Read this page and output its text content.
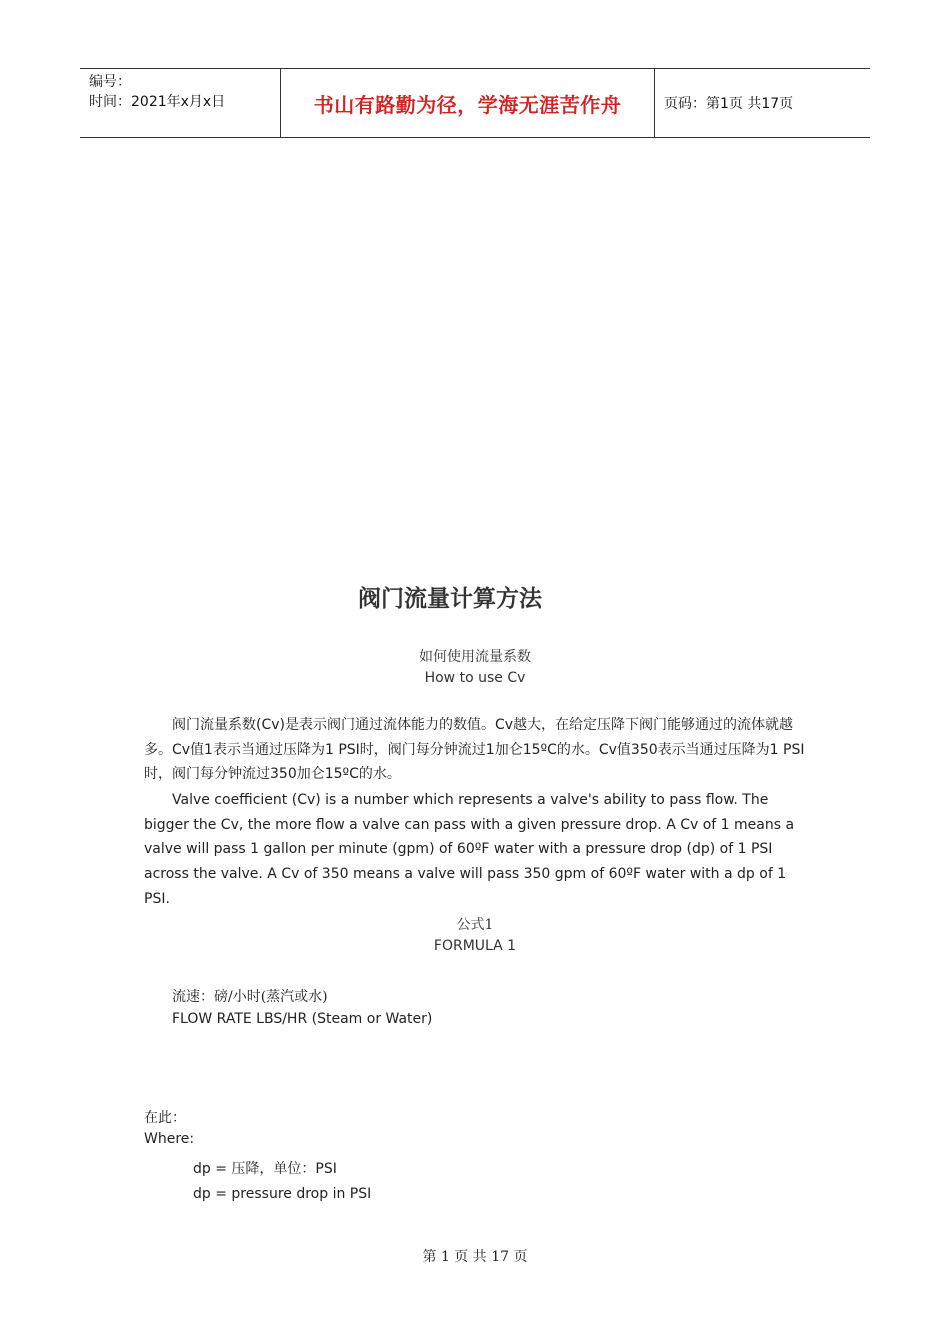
编号：
时间：2021年x月x日	书山有路勤为径，学海无涯苦作舟	页码：第1页 共17页
阀门流量计算方法
如何使用流量系数
How to use Cv

阀门流量系数(Cv)是表示阀门通过流体能力的数值。Cv越大，在给定压降下阀门能够通过的流体就越多。Cv值1表示当通过压降为1 PSI时，阀门每分钟流过1加仑15ºC的水。Cv值350表示当通过压降为1 PSI时，阀门每分钟流过350加仑15ºC的水。

Valve coefficient (Cv) is a number which represents a valve's ability to pass flow. The bigger the Cv, the more flow a valve can pass with a given pressure drop. A Cv of 1 means a valve will pass 1 gallon per minute (gpm) of 60ºF water with a pressure drop (dp) of 1 PSI across the valve. A Cv of 350 means a valve will pass 350 gpm of 60ºF water with a dp of 1 PSI.

公式1
FORMULA 1
流速：磅/小时(蒸汽或水)
FLOW RATE LBS/HR (Steam or Water)
在此：
Where:
dp = 压降，单位：PSI
dp = pressure drop in PSI
第 1 页 共 17 页
